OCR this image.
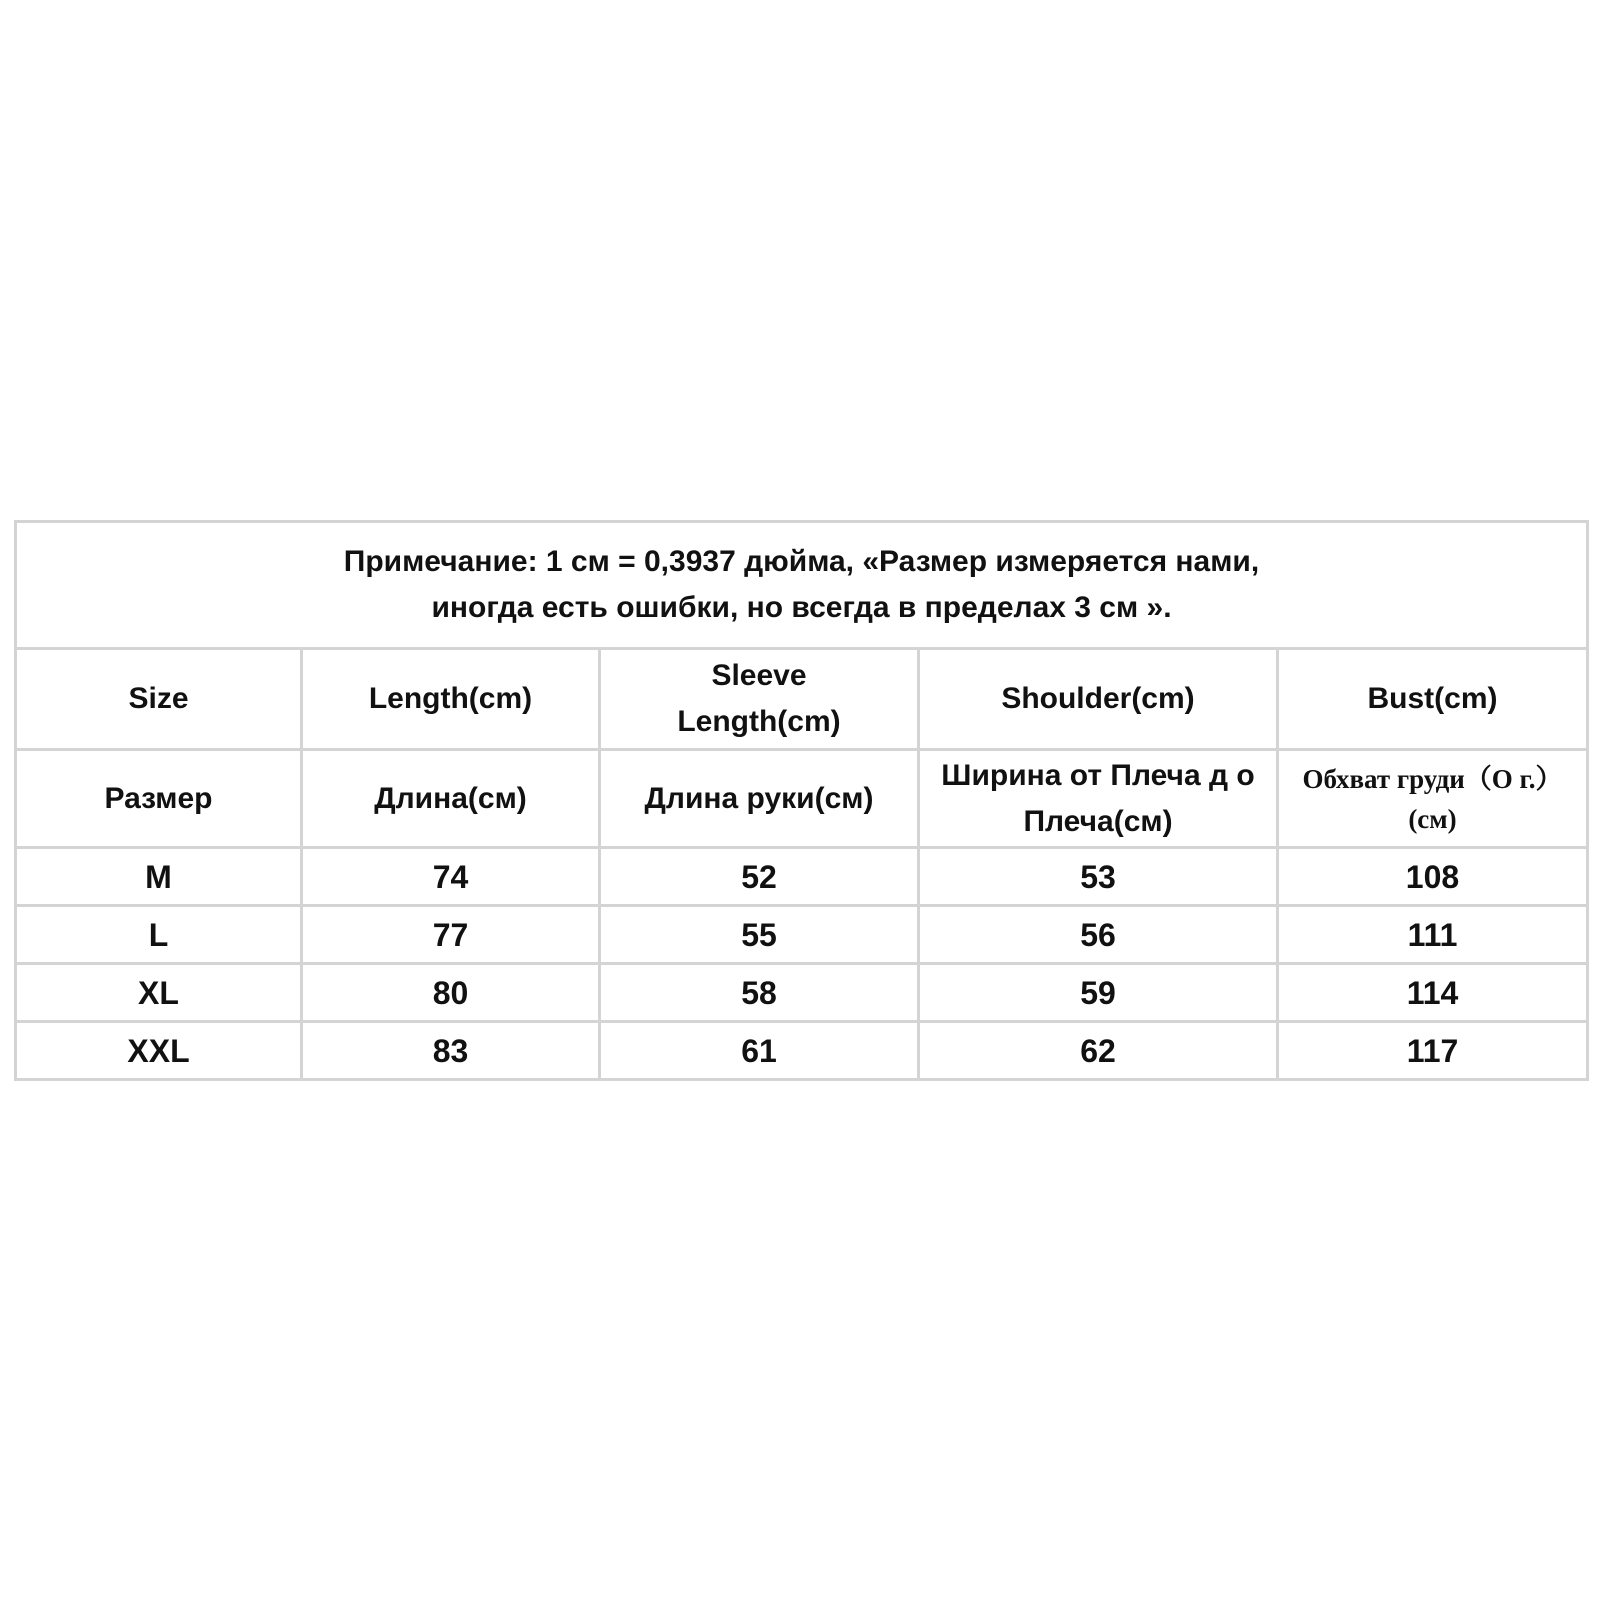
Примечание: 1 см = 0,3937 дюйма, «Размер измеряется нами,
иногда есть ошибки, но всегда в пределах 3 см ».				

Size	Length(cm)	Sleeve Length(cm)	Shoulder(cm)	Bust(cm)
Размер	Длина(см)	Длина руки(см)	Ширина от Плеча д о Плеча(см)	Обхват груди（О г.）(см)
M	74	52	53	108
L	77	55	56	111
XL	80	58	59	114
XXL	83	61	62	117
